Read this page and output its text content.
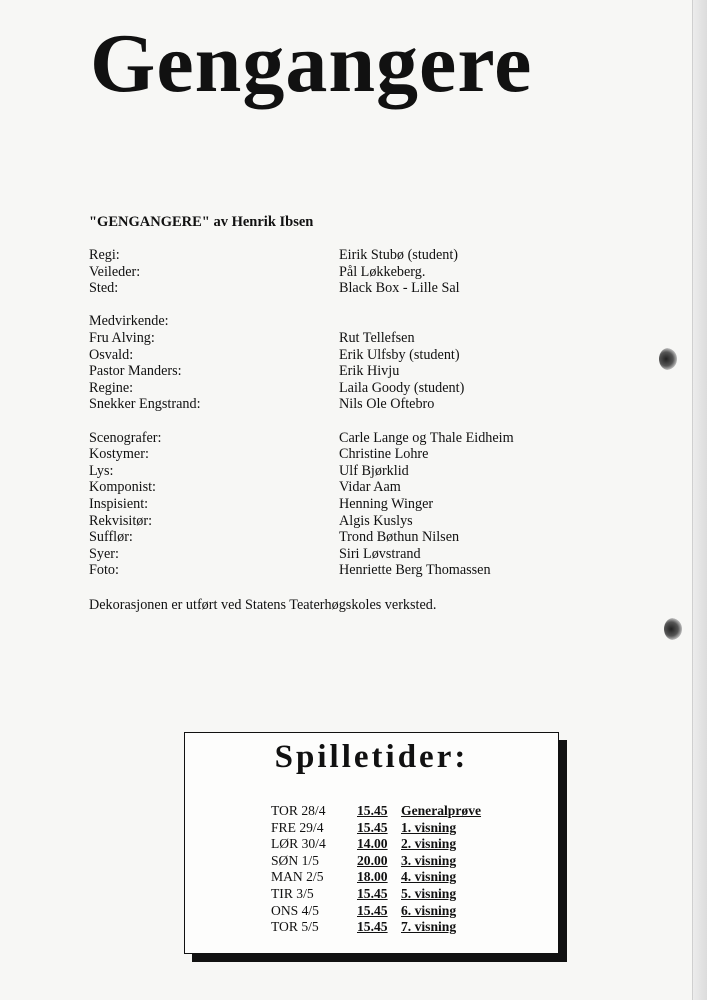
Gengangere

"GENGANGERE" av Henrik Ibsen

Regi:	Eirik Stubø (student)
Veileder:	Pål Løkkeberg.
Sted:	Black Box - Lille Sal
Medvirkende:
Fru Alving:	Rut Tellefsen
Osvald:	Erik Ulfsby (student)
Pastor Manders:	Erik Hivju
Regine:	Laila Goody (student)
Snekker Engstrand:	Nils Ole Oftebro
Scenografer:	Carle Lange og Thale Eidheim
Kostymer:	Christine Lohre
Lys:	Ulf Bjørklid
Komponist:	Vidar Aam
Inspisient:	Henning Winger
Rekvisitør:	Algis Kuslys
Sufflør:	Trond Bøthun Nilsen
Syer:	Siri Løvstrand
Foto:	Henriette Berg Thomassen

Dekorasjonen er utført ved Statens Teaterhøgskoles verksted.

Spilletider:
TOR 28/4	15.45 Generalprøve
FRE 29/4	15.45 1. visning
LØR 30/4	14.00 2. visning
SØN 1/5	20.00 3. visning
MAN 2/5	18.00 4. visning
TIR 3/5	15.45 5. visning
ONS 4/5	15.45 6. visning
TOR 5/5	15.45 7. visning
